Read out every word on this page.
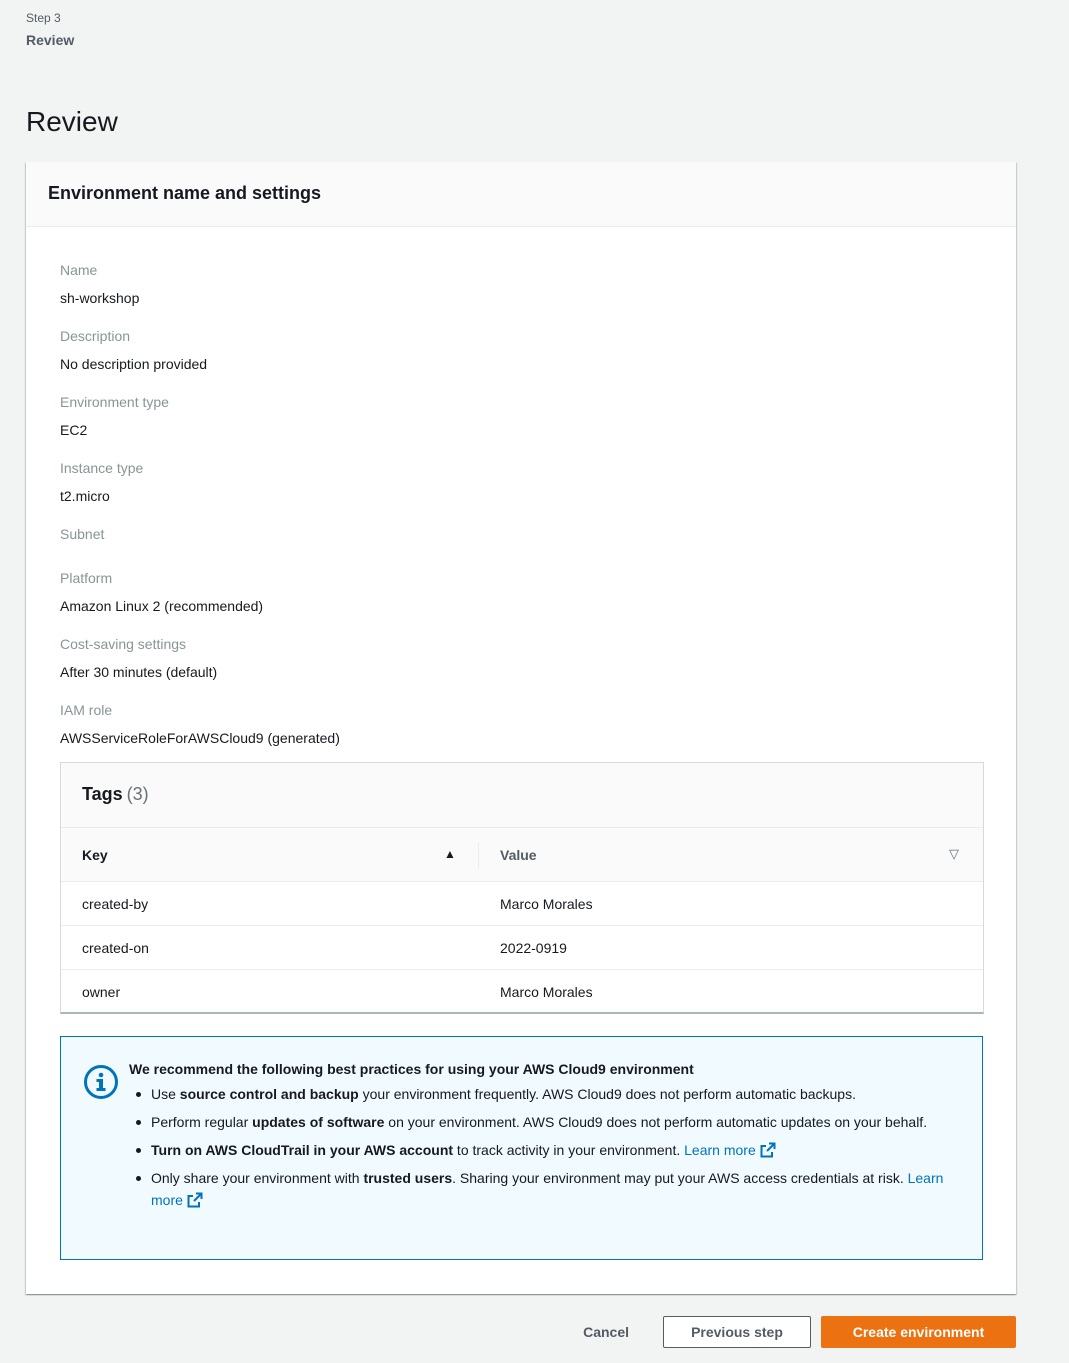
Step 3
Review
Review
Environment name and settings
Name
sh-workshop
Description
No description provided
Environment type
EC2
Instance type
t2.micro
Subnet
Platform
Amazon Linux 2 (recommended)
Cost-saving settings
After 30 minutes (default)
IAM role
AWSServiceRoleForAWSCloud9 (generated)
Tags (3)
Key	▲	Value	▽
created-by	Marco Morales
created-on	2022-0919
owner	Marco Morales
We recommend the following best practices for using your AWS Cloud9 environment
Use source control and backup your environment frequently. AWS Cloud9 does not perform automatic backups.
Perform regular updates of software on your environment. AWS Cloud9 does not perform automatic updates on your behalf.
Turn on AWS CloudTrail in your AWS account to track activity in your environment. Learn more
Only share your environment with trusted users. Sharing your environment may put your AWS access credentials at risk. Learn more
Cancel	Previous step	Create environment
